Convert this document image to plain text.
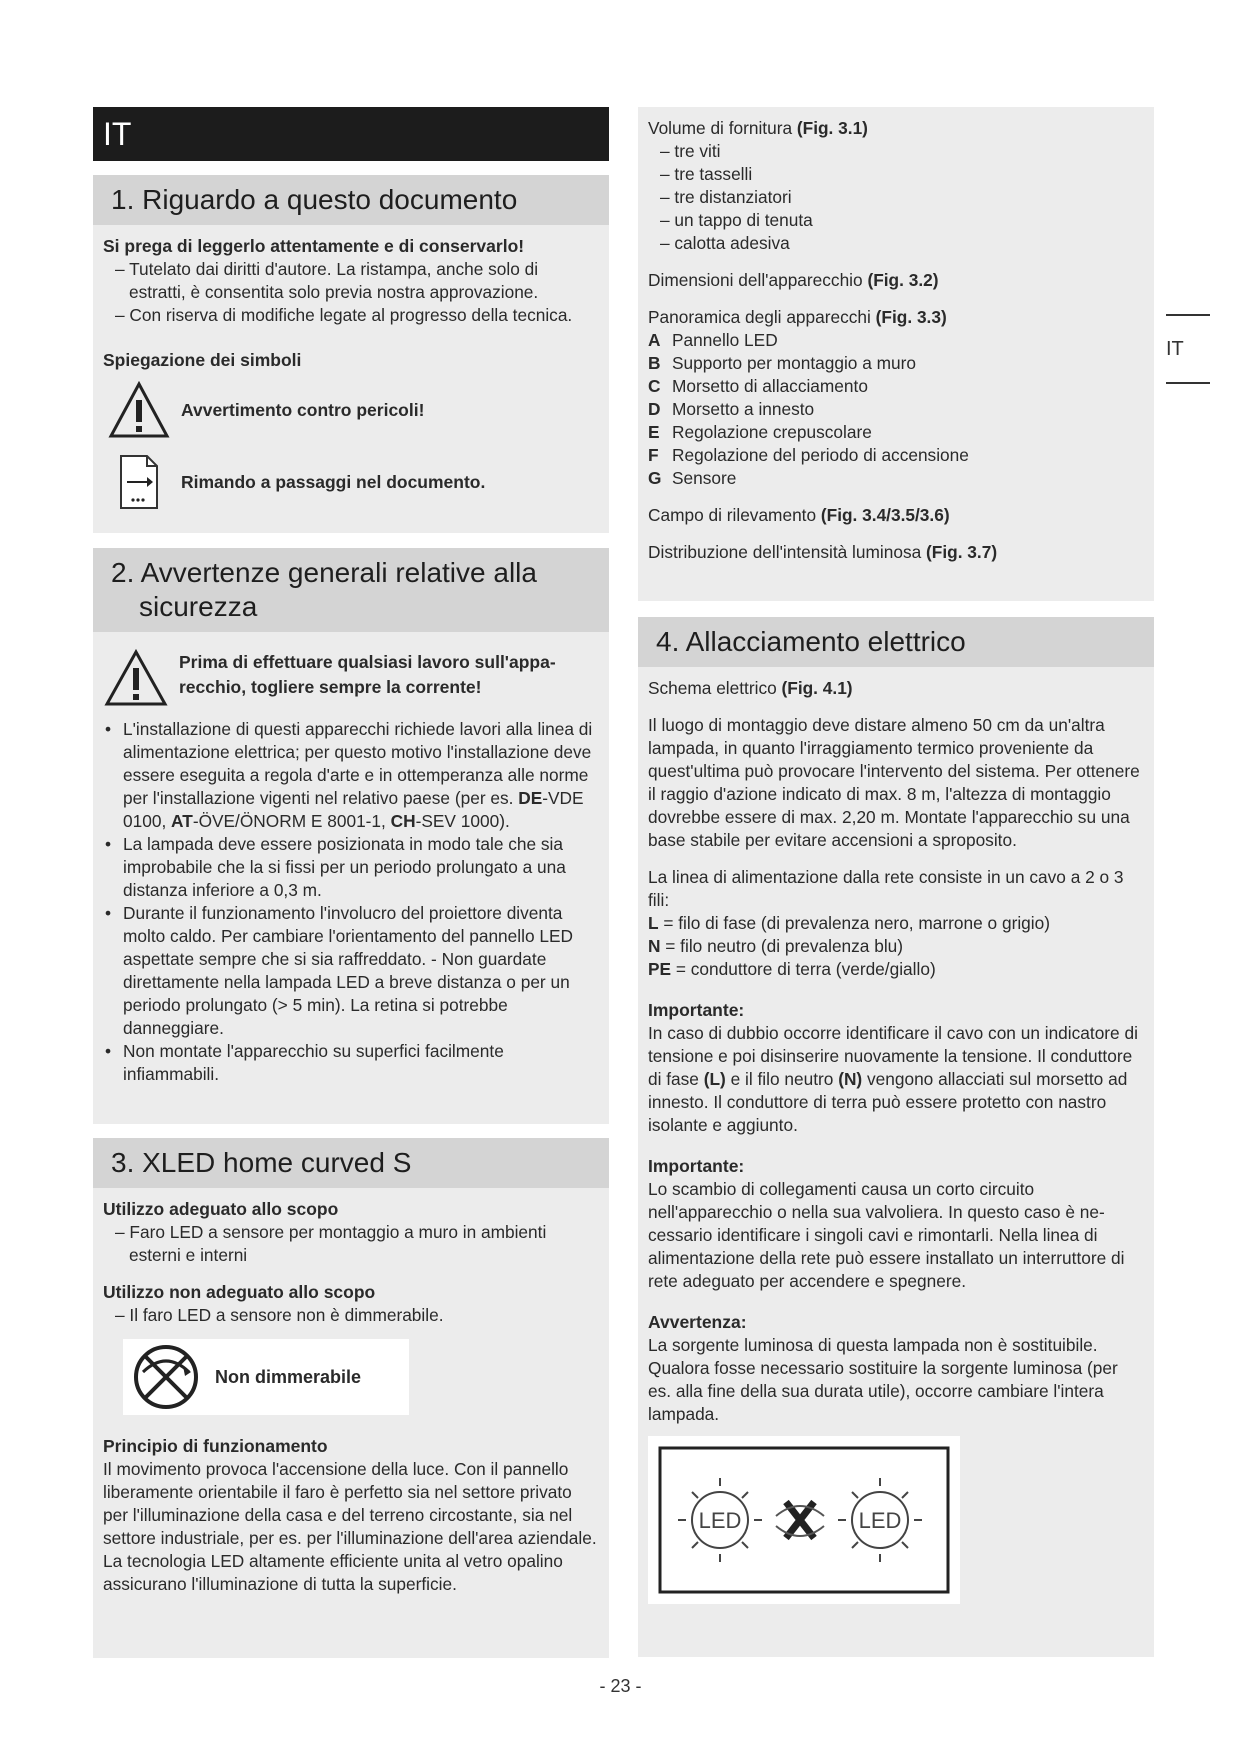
IT
1. Riguardo a questo documento
Si prega di leggerlo attentamente e di conservarlo!
– Tutelato dai diritti d'autore. La ristampa, anche solo di estratti, è consentita solo previa nostra approvazione.
– Con riserva di modifiche legate al progresso della tecnica.
Spiegazione dei simboli
Avvertimento contro pericoli!
Rimando a passaggi nel documento.
2. Avvertenze generali relative alla sicurezza
Prima di effettuare qualsiasi lavoro sull'apparecchio, togliere sempre la corrente!
• L'installazione di questi apparecchi richiede lavori alla linea di alimentazione elettrica; per questo motivo l'installazione deve essere eseguita a regola d'arte e in ottemperanza alle norme per l'installazione vigenti nel relativo paese (per es. DE-VDE 0100, AT-ÖVE/ÖNORM E 8001-1, CH-SEV 1000).
• La lampada deve essere posizionata in modo tale che sia improbabile che la si fissi per un periodo prolungato a una distanza inferiore a 0,3 m.
• Durante il funzionamento l'involucro del proiettore diventa molto caldo. Per cambiare l'orientamento del pannello LED aspettate sempre che si sia raffreddato. - Non guardate direttamente nella lampada LED a breve distanza o per un periodo prolungato (> 5 min). La retina si potrebbe danneggiare.
• Non montate l'apparecchio su superfici facilmente infiammabili.
3. XLED home curved S
Utilizzo adeguato allo scopo
– Faro LED a sensore per montaggio a muro in ambienti esterni e interni
Utilizzo non adeguato allo scopo
– Il faro LED a sensore non è dimmerabile.
Non dimmerabile
Principio di funzionamento
Il movimento provoca l'accensione della luce. Con il pannello liberamente orientabile il faro è perfetto sia nel settore privato per l'illuminazione della casa e del terreno circostante, sia nel settore industriale, per es. per l'illuminazione dell'area aziendale. La tecnologia LED altamente efficiente unita al vetro opalino assicurano l'illuminazione di tutta la superficie.
Volume di fornitura (Fig. 3.1)
– tre viti
– tre tasselli
– tre distanziatori
– un tappo di tenuta
– calotta adesiva
Dimensioni dell'apparecchio (Fig. 3.2)
Panoramica degli apparecchi (Fig. 3.3)
A Pannello LED
B Supporto per montaggio a muro
C Morsetto di allacciamento
D Morsetto a innesto
E Regolazione crepuscolare
F Regolazione del periodo di accensione
G Sensore
Campo di rilevamento (Fig. 3.4/3.5/3.6)
Distribuzione dell'intensità luminosa (Fig. 3.7)
4. Allacciamento elettrico
Schema elettrico (Fig. 4.1)
Il luogo di montaggio deve distare almeno 50 cm da un'altra lampada, in quanto l'irraggiamento termico proveniente da quest'ultima può provocare l'intervento del sistema. Per ottenere il raggio d'azione indicato di max. 8 m, l'altezza di montaggio dovrebbe essere di max. 2,20 m. Montate l'apparecchio su una base stabile per evitare accensioni a sproposito.
La linea di alimentazione dalla rete consiste in un cavo a 2 o 3 fili:
L = filo di fase (di prevalenza nero, marrone o grigio)
N = filo neutro (di prevalenza blu)
PE = conduttore di terra (verde/giallo)
Importante:
In caso di dubbio occorre identificare il cavo con un indicatore di tensione e poi disinserire nuovamente la tensione. Il conduttore di fase (L) e il filo neutro (N) vengono allacciati sul morsetto ad innesto. Il conduttore di terra può essere protetto con nastro isolante e aggiunto.
Importante:
Lo scambio di collegamenti causa un corto circuito nell'apparecchio o nella sua valvoliera. In questo caso è necessario identificare i singoli cavi e rimontarli. Nella linea di alimentazione della rete può essere installato un interruttore di rete adeguato per accendere e spegnere.
Avvertenza:
La sorgente luminosa di questa lampada non è sostituibile. Qualora fosse necessario sostituire la sorgente luminosa (per es. alla fine della sua durata utile), occorre cambiare l'intera lampada.
LED	LED
IT
- 23 -
